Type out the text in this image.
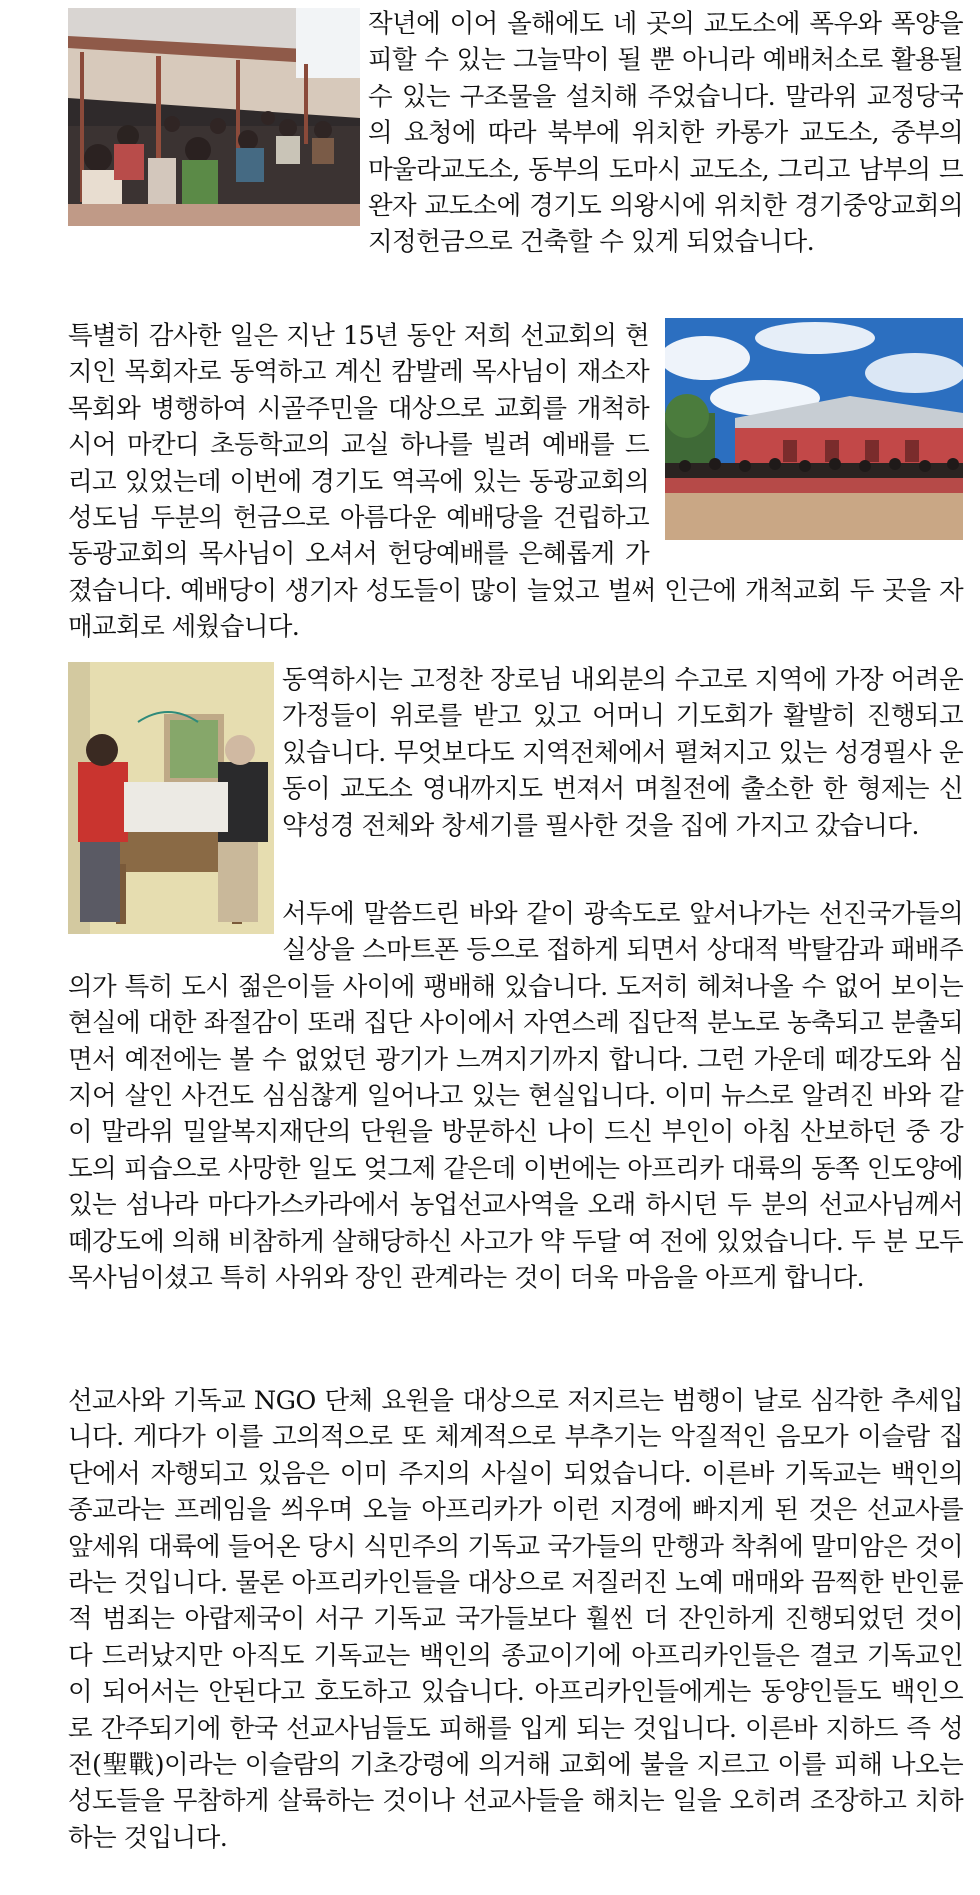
작년에 이어 올해에도 네 곳의 교도소에 폭우와 폭양을 피할 수 있는 그늘막이 될 뿐 아니라 예배처소로 활용될 수 있는 구조물을 설치해 주었습니다. 말라위 교정당국의 요청에 따라 북부에 위치한 카롱가 교도소, 중부의 마울라교도소, 동부의 도마시 교도소, 그리고 남부의 므완자 교도소에 경기도 의왕시에 위치한 경기중앙교회의 지정헌금으로 건축할 수 있게 되었습니다.

특별히 감사한 일은 지난 15년 동안 저희 선교회의 현지인 목회자로 동역하고 계신 캄발레 목사님이 재소자 목회와 병행하여 시골주민을 대상으로 교회를 개척하시어 마칸디 초등학교의 교실 하나를 빌려 예배를 드리고 있었는데 이번에 경기도 역곡에 있는 동광교회의 성도님 두분의 헌금으로 아름다운 예배당을 건립하고 동광교회의 목사님이 오셔서 헌당예배를 은혜롭게 가졌습니다. 예배당이 생기자 성도들이 많이 늘었고 벌써 인근에 개척교회 두 곳을 자매교회로 세웠습니다.

동역하시는 고정찬 장로님 내외분의 수고로 지역에 가장 어려운 가정들이 위로를 받고 있고 어머니 기도회가 활발히 진행되고 있습니다. 무엇보다도 지역전체에서 펼쳐지고 있는 성경필사 운동이 교도소 영내까지도 번져서 며칠전에 출소한 한 형제는 신약성경 전체와 창세기를 필사한 것을 집에 가지고 갔습니다.

서두에 말씀드린 바와 같이 광속도로 앞서나가는 선진국가들의 실상을 스마트폰 등으로 접하게 되면서 상대적 박탈감과 패배주의가 특히 도시 젊은이들 사이에 팽배해 있습니다. 도저히 헤쳐나올 수 없어 보이는 현실에 대한 좌절감이 또래 집단 사이에서 자연스레 집단적 분노로 농축되고 분출되면서 예전에는 볼 수 없었던 광기가 느껴지기까지 합니다. 그런 가운데 떼강도와 심지어 살인 사건도 심심찮게 일어나고 있는 현실입니다. 이미 뉴스로 알려진 바와 같이 말라위 밀알복지재단의 단원을 방문하신 나이 드신 부인이 아침 산보하던 중 강도의 피습으로 사망한 일도 엊그제 같은데 이번에는 아프리카 대륙의 동쪽 인도양에 있는 섬나라 마다가스카라에서 농업선교사역을 오래 하시던 두 분의 선교사님께서 떼강도에 의해 비참하게 살해당하신 사고가 약 두달 여 전에 있었습니다. 두 분 모두 목사님이셨고 특히 사위와 장인 관계라는 것이 더욱 마음을 아프게 합니다.

선교사와 기독교 NGO 단체 요원을 대상으로 저지르는 범행이 날로 심각한 추세입니다. 게다가 이를 고의적으로 또 체계적으로 부추기는 악질적인 음모가 이슬람 집단에서 자행되고 있음은 이미 주지의 사실이 되었습니다. 이른바 기독교는 백인의 종교라는 프레임을 씌우며 오늘 아프리카가 이런 지경에 빠지게 된 것은 선교사를 앞세워 대륙에 들어온 당시 식민주의 기독교 국가들의 만행과 착취에 말미암은 것이라는 것입니다. 물론 아프리카인들을 대상으로 저질러진 노예 매매와 끔찍한 반인륜적 범죄는 아랍제국이 서구 기독교 국가들보다 훨씬 더 잔인하게 진행되었던 것이 다 드러났지만 아직도 기독교는 백인의 종교이기에 아프리카인들은 결코 기독교인이 되어서는 안된다고 호도하고 있습니다. 아프리카인들에게는 동양인들도 백인으로 간주되기에 한국 선교사님들도 피해를 입게 되는 것입니다. 이른바 지하드 즉 성전(聖戰)이라는 이슬람의 기초강령에 의거해 교회에 불을 지르고 이를 피해 나오는 성도들을 무참하게 살륙하는 것이나 선교사들을 해치는 일을 오히려 조장하고 치하하는 것입니다.
